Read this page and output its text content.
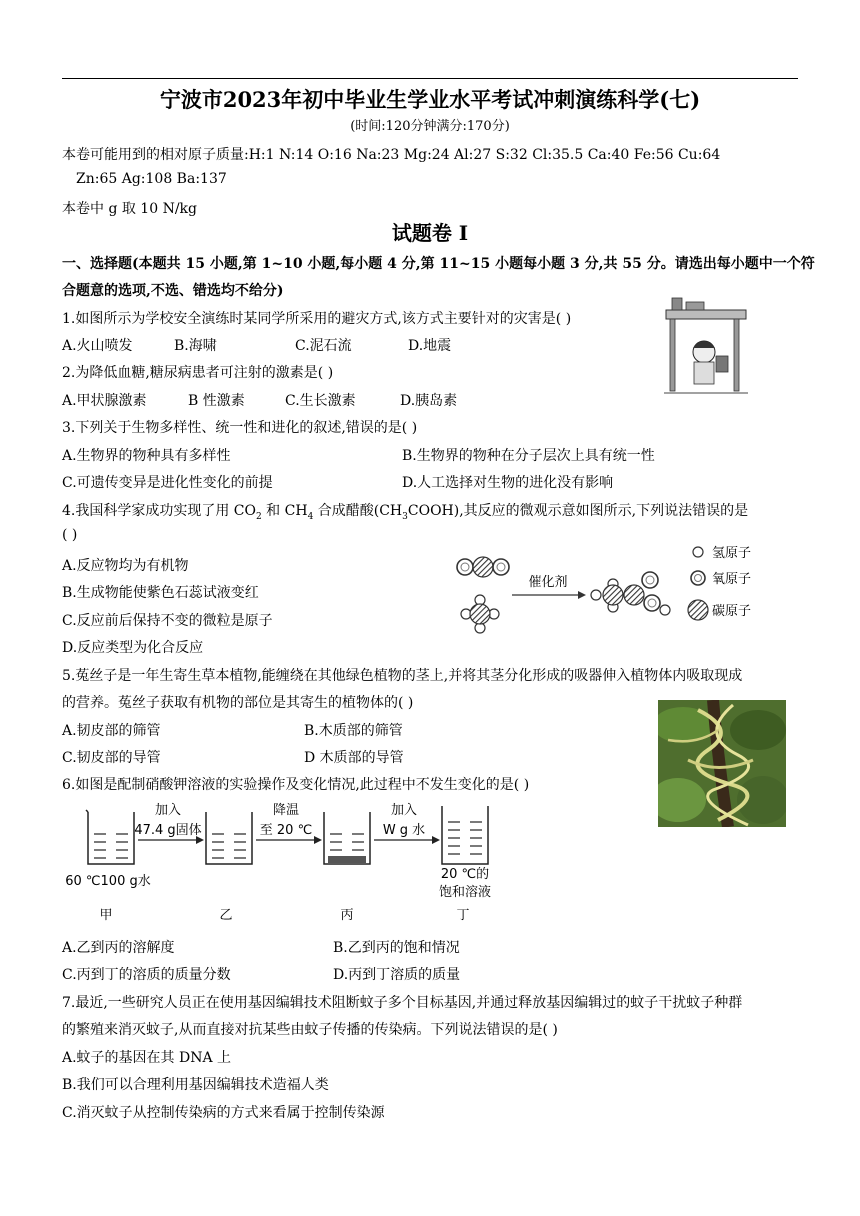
宁波市2023年初中毕业生学业水平考试冲刺演练科学(七)
(时间:120分钟满分:170分)
本卷可能用到的相对原子质量:H:1 N:14 O:16 Na:23 Mg:24 Al:27 S:32 Cl:35.5 Ca:40 Fe:56 Cu:64
Zn:65 Ag:108 Ba:137
本卷中 g 取 10 N/kg
试题卷 I
一、选择题(本题共 15 小题,第 1~10 小题,每小题 4 分,第 11~15 小题每小题 3 分,共 55 分。请选出每小题中一个符
合题意的选项,不选、错选均不给分)
1.如图所示为学校安全演练时某同学所采用的避灾方式,该方式主要针对的灾害是( )
A.火山喷发	B.海啸	C.泥石流	D.地震
2.为降低血糖,糖尿病患者可注射的激素是( )
A.甲状腺激素	B 性激素	C.生长激素	D.胰岛素
3.下列关于生物多样性、统一性和进化的叙述,错误的是( )
A.生物界的物种具有多样性	B.生物界的物种在分子层次上具有统一性
C.可遗传变异是进化性变化的前提	D.人工选择对生物的进化没有影响
4.我国科学家成功实现了用 $CO_2$ 和 $CH_4$ 合成醋酸$(CH_3COOH)$,其反应的微观示意如图所示,下列说法错误的是
( )
A.反应物均为有机物
B.生成物能使紫色石蕊试液变红
C.反应前后保持不变的微粒是原子
D.反应类型为化合反应
催化剂
氢原子
氧原子
碳原子
5.菟丝子是一年生寄生草本植物,能缠绕在其他绿色植物的茎上,并将其茎分化形成的吸器伸入植物体内吸取现成
的营养。菟丝子获取有机物的部位是其寄生的植物体的( )
A.韧皮部的筛管	B.木质部的筛管
C.韧皮部的导管	D 木质部的导管
6.如图是配制硝酸钾溶液的实验操作及变化情况,此过程中不发生变化的是( )
加入
47.4 g固体
降温
至 20 ℃
加入
W g 水
60 ℃100 g水	20 ℃的
饱和溶液
甲	乙	丙	丁
A.乙到丙的溶解度	B.乙到丙的饱和情况
C.丙到丁的溶质的质量分数	D.丙到丁溶质的质量
7.最近,一些研究人员正在使用基因编辑技术阻断蚊子多个目标基因,并通过释放基因编辑过的蚊子干扰蚊子种群
的繁殖来消灭蚊子,从而直接对抗某些由蚊子传播的传染病。下列说法错误的是( )
A.蚊子的基因在其 DNA 上
B.我们可以合理利用基因编辑技术造福人类
C.消灭蚊子从控制传染病的方式来看属于控制传染源
